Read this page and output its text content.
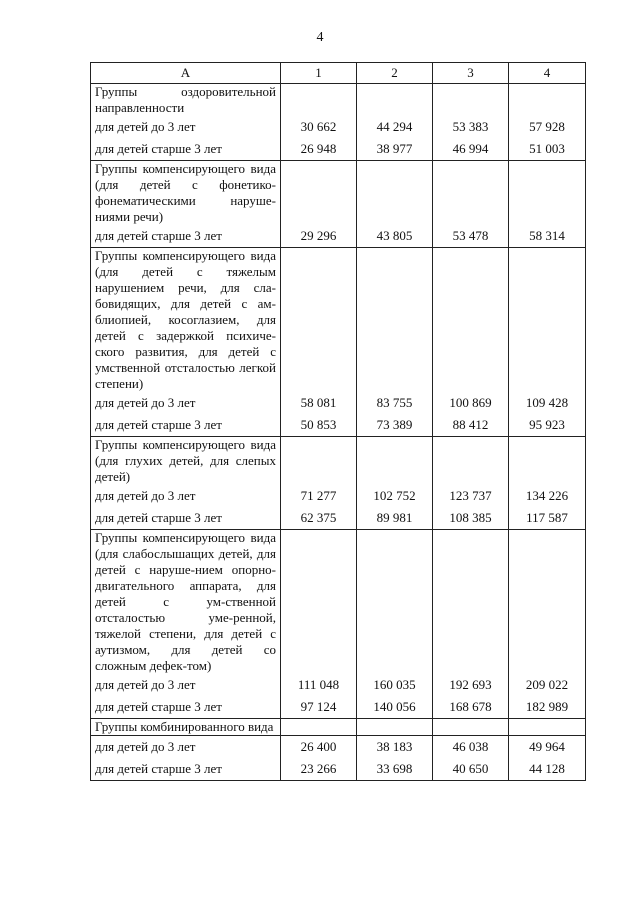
4
А	1	2	3	4
Группы оздоровительной направленности				
для детей до 3 лет	30 662	44 294	53 383	57 928
для детей старше 3 лет	26 948	38 977	46 994	51 003
Группы компенсирующего вида (для детей с фонетико-фонематическими наруше-ниями речи)				
для детей старше 3 лет	29 296	43 805	53 478	58 314
Группы компенсирующего вида (для детей с тяжелым нарушением речи, для сла-бовидящих, для детей с ам-блиопией, косоглазием, для детей с задержкой психиче-ского развития, для детей с умственной отсталостью легкой степени)				
для детей до 3 лет	58 081	83 755	100 869	109 428
для детей старше 3 лет	50 853	73 389	88 412	95 923
Группы компенсирующего вида (для глухих детей, для слепых детей)				
для детей до 3 лет	71 277	102 752	123 737	134 226
для детей старше 3 лет	62 375	89 981	108 385	117 587
Группы компенсирующего вида (для слабослышащих детей, для детей с наруше-нием опорно-двигательного аппарата, для детей с ум-ственной отсталостью уме-ренной, тяжелой степени, для детей с аутизмом, для детей со сложным дефек-том)				
для детей до 3 лет	111 048	160 035	192 693	209 022
для детей старше 3 лет	97 124	140 056	168 678	182 989
Группы комбинированного вида				
для детей до 3 лет	26 400	38 183	46 038	49 964
для детей старше 3 лет	23 266	33 698	40 650	44 128
